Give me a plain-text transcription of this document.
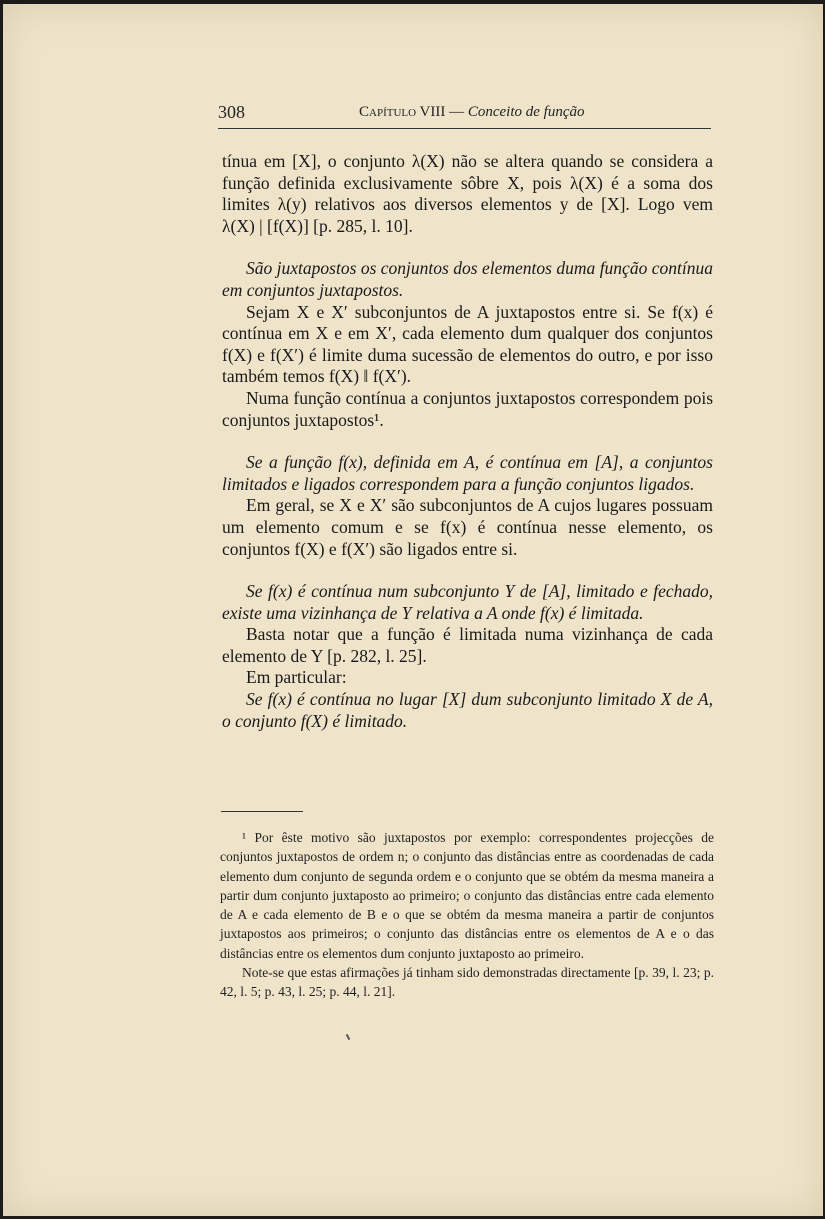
308	Capítulo VIII — Conceito de função

tínua em [X], o conjunto λ(X) não se altera quando se considera a função definida exclusivamente sôbre X, pois λ(X) é a soma dos limites λ(y) relativos aos diversos elementos y de [X]. Logo vem λ(X) | [f(X)] [p. 285, l. 10].

São juxtapostos os conjuntos dos elementos duma função contínua em conjuntos juxtapostos.

Sejam X e X′ subconjuntos de A juxtapostos entre si. Se f(x) é contínua em X e em X′, cada elemento dum qualquer dos conjuntos f(X) e f(X′) é limite duma sucessão de elementos do outro, e por isso também temos f(X) ‖ f(X′).

Numa função contínua a conjuntos juxtapostos correspondem pois conjuntos juxtapostos¹.

Se a função f(x), definida em A, é contínua em [A], a conjuntos limitados e ligados correspondem para a função conjuntos ligados.

Em geral, se X e X′ são subconjuntos de A cujos lugares possuam um elemento comum e se f(x) é contínua nesse elemento, os conjuntos f(X) e f(X′) são ligados entre si.

Se f(x) é contínua num subconjunto Y de [A], limitado e fechado, existe uma vizinhança de Y relativa a A onde f(x) é limitada.

Basta notar que a função é limitada numa vizinhança de cada elemento de Y [p. 282, l. 25].

Em particular:

Se f(x) é contínua no lugar [X] dum subconjunto limitado X de A, o conjunto f(X) é limitado.

¹ Por êste motivo são juxtapostos por exemplo: correspondentes projecções de conjuntos juxtapostos de ordem n; o conjunto das distâncias entre as coordenadas de cada elemento dum conjunto de segunda ordem e o conjunto que se obtém da mesma maneira a partir dum conjunto juxtaposto ao primeiro; o conjunto das distâncias entre cada elemento de A e cada elemento de B e o que se obtém da mesma maneira a partir de conjuntos juxtapostos aos primeiros; o conjunto das distâncias entre os elementos de A e o das distâncias entre os elementos dum conjunto juxtaposto ao primeiro.

Note-se que estas afirmações já tinham sido demonstradas directamente [p. 39, l. 23; p. 42, l. 5; p. 43, l. 25; p. 44, l. 21].
